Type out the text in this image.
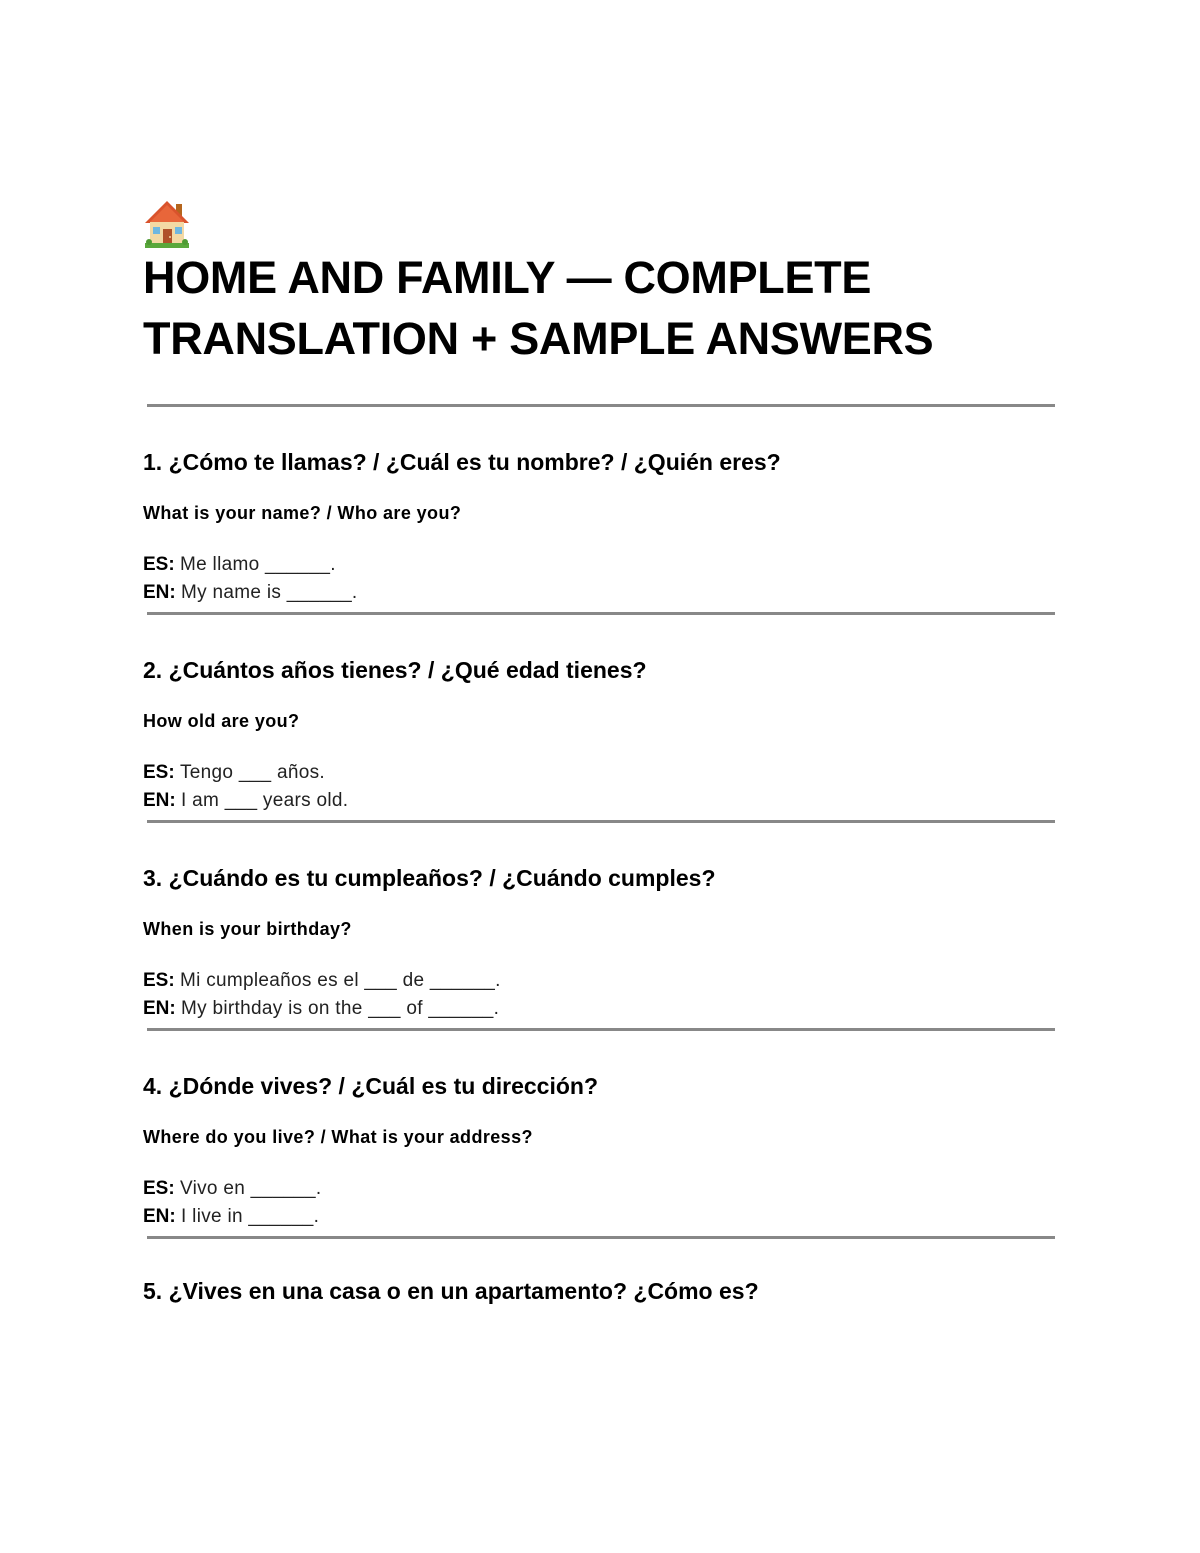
HOME AND FAMILY — COMPLETE TRANSLATION + SAMPLE ANSWERS
1. ¿Cómo te llamas? / ¿Cuál es tu nombre? / ¿Quién eres?
What is your name? / Who are you?
ES: Me llamo ______.
EN: My name is ______.
2. ¿Cuántos años tienes? / ¿Qué edad tienes?
How old are you?
ES: Tengo ___ años.
EN: I am ___ years old.
3. ¿Cuándo es tu cumpleaños? / ¿Cuándo cumples?
When is your birthday?
ES: Mi cumpleaños es el ___ de ______.
EN: My birthday is on the ___ of ______.
4. ¿Dónde vives? / ¿Cuál es tu dirección?
Where do you live? / What is your address?
ES: Vivo en ______.
EN: I live in ______.
5. ¿Vives en una casa o en un apartamento? ¿Cómo es?
